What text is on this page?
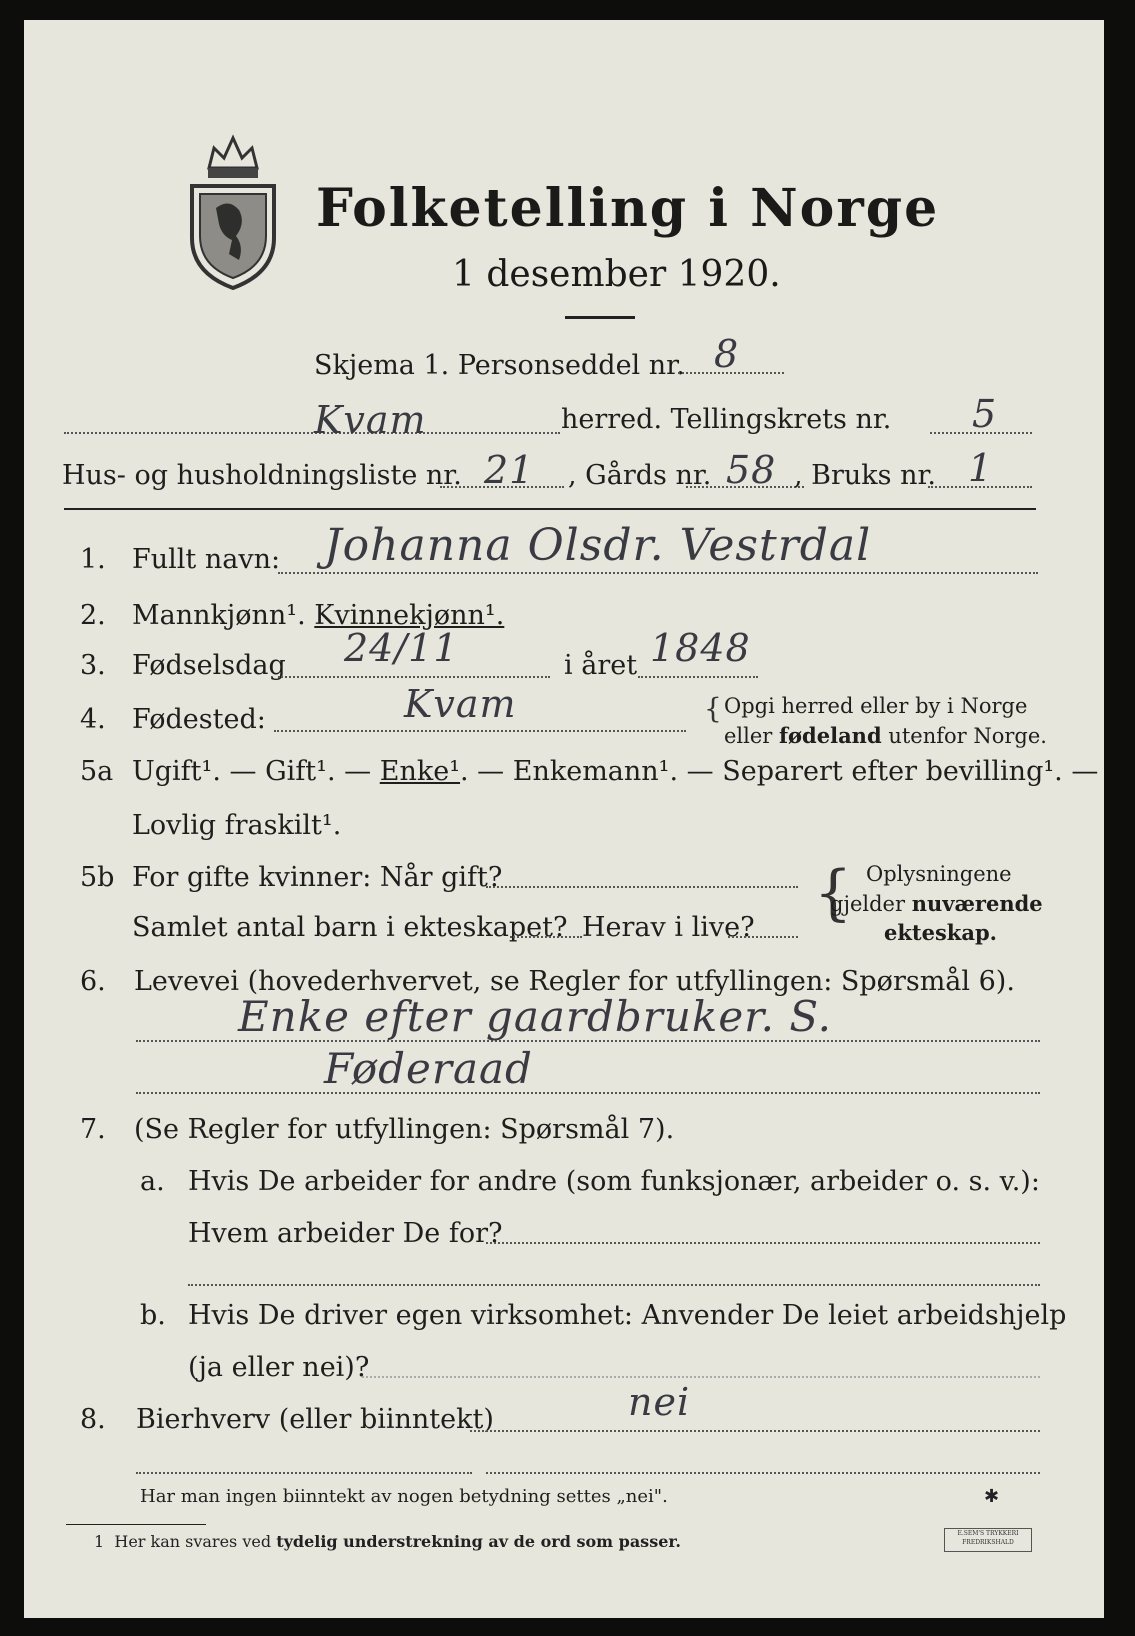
Folketelling i Norge
1 desember 1920.
Skjema 1. Personseddel nr. 8
Kvam	herred. Tellingskrets nr. 5
Hus- og husholdningsliste nr. 21 , Gårds nr. 58 , Bruks nr. 1
1. Fullt navn: Johanna Olsdr. Vestrdal
2. Mannkjønn¹. Kvinnekjønn¹.
3. Fødselsdag 24/11	i året 1848
4. Fødested:	Kvam	{ Opgi herred eller by i Norge
eller fødeland utenfor Norge.
5a Ugift¹. — Gift¹. — Enke¹. — Enkemann¹. — Separert efter bevilling¹. —
Lovlig fraskilt¹.
5b For gifte kvinner: Når gift?
Samlet antal barn i ekteskapet? Herav i live? { Oplysningene
gjelder nuværende
ekteskap.
6. Levevei (hovederhvervet, se Regler for utfyllingen: Spørsmål 6).
Enke efter gaardbruker. S.
Føderaad
7. (Se Regler for utfyllingen: Spørsmål 7).
a. Hvis De arbeider for andre (som funksjonær, arbeider o. s. v.):
Hvem arbeider De for?
b. Hvis De driver egen virksomhet: Anvender De leiet arbeidshjelp
(ja eller nei)?
8. Bierhverv (eller biinntekt)	nei
Har man ingen biinntekt av nogen betydning settes „nei".	✱
1 Her kan svares ved tydelig understrekning av de ord som passer.	E.SEM'S TRYKKERI
FREDRIKSHALD
